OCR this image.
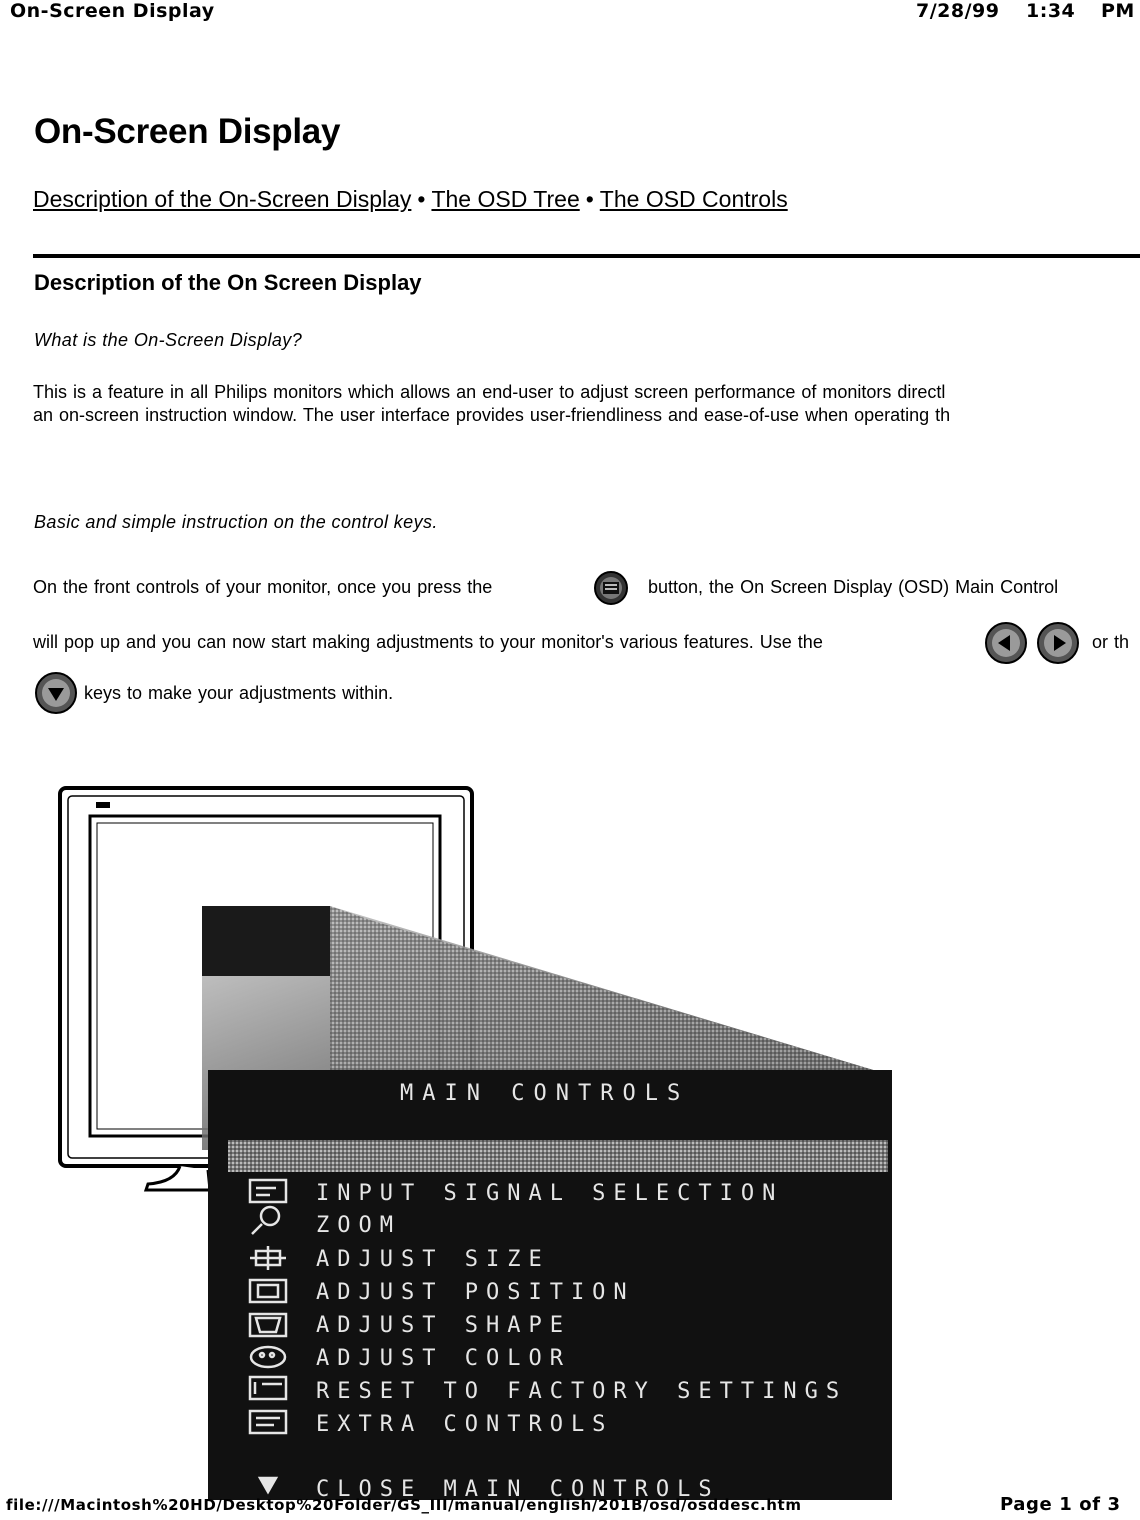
On-Screen Display	7/28/99 1:34 PM
On-Screen Display
Description of the On-Screen Display • The OSD Tree • The OSD Controls
Description of the On Screen Display
What is the On-Screen Display?
This is a feature in all Philips monitors which allows an end-user to adjust screen performance of monitors directl
an on-screen instruction window. The user interface provides user-friendliness and ease-of-use when operating th
Basic and simple instruction on the control keys.
On the front controls of your monitor, once you press the	button, the On Screen Display (OSD) Main Control
will pop up and you can now start making adjustments to your monitor's various features. Use the	or th
keys to make your adjustments within.
MAIN CONTROLS
INPUT SIGNAL SELECTION
ZOOM
ADJUST SIZE
ADJUST POSITION
ADJUST SHAPE
ADJUST COLOR
RESET TO FACTORY SETTINGS
EXTRA CONTROLS
CLOSE MAIN CONTROLS
file:///Macintosh%20HD/Desktop%20Folder/GS_III/manual/english/201B/osd/osddesc.htm	Page 1 of 3
